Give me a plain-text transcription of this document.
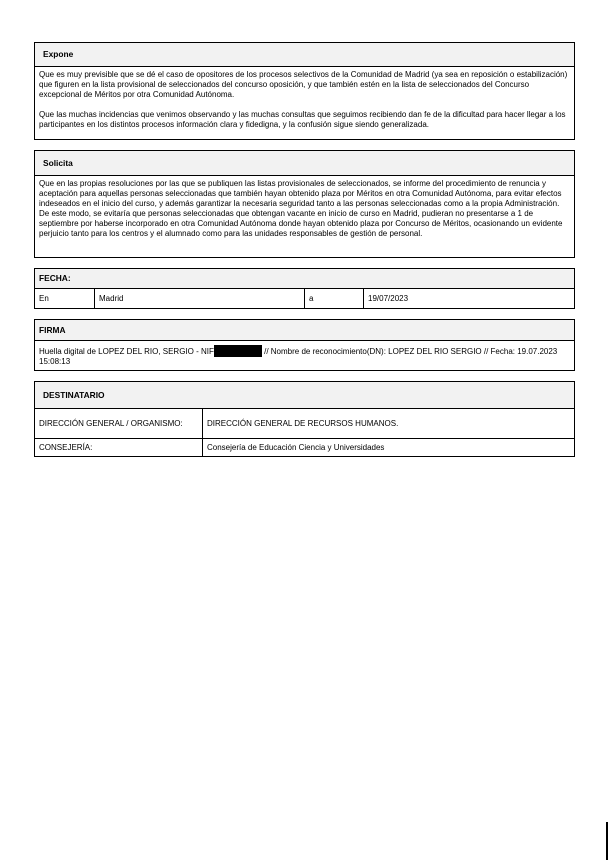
Expone

Que es muy previsible que se dé el caso de opositores de los procesos selectivos de la Comunidad de Madrid (ya sea en reposición o estabilización) que figuren en la lista provisional de seleccionados del concurso oposición, y que también estén en la lista de seleccionados del Concurso excepcional de Méritos por otra Comunidad Autónoma.

Que las muchas incidencias que venimos observando y las muchas consultas que seguimos recibiendo dan fe de la dificultad para hacer llegar a los participantes en los distintos procesos información clara y fidedigna, y la confusión sigue siendo generalizada.

Solicita

Que en las propias resoluciones por las que se publiquen las listas provisionales de seleccionados, se informe del procedimiento de renuncia y aceptación para aquellas personas seleccionadas que también hayan obtenido plaza por Méritos en otra Comunidad Autónoma, para evitar efectos indeseados en el inicio del curso, y además garantizar la necesaria seguridad tanto a las personas seleccionadas como a la propia Administración. De este modo, se evitaría que personas seleccionadas que obtengan vacante en inicio de curso en Madrid, pudieran no presentarse a 1 de septiembre por haberse incorporado en otra Comunidad Autónoma donde hayan obtenido plaza por Concurso de Méritos, ocasionando un evidente perjuicio tanto para los centros y el alumnado como para las unidades responsables de gestión de personal.

FECHA:
En	Madrid	a	19/07/2023
FIRMA
Huella digital de LOPEZ DEL RIO, SERGIO - NIF	// Nombre de reconocimiento(DN): LOPEZ DEL RIO SERGIO // Fecha: 19.07.2023 15:08:13
DESTINATARIO
DIRECCIÓN GENERAL / ORGANISMO:	DIRECCIÓN GENERAL DE RECURSOS HUMANOS.
CONSEJERÍA:	Consejería de Educación Ciencia y Universidades
